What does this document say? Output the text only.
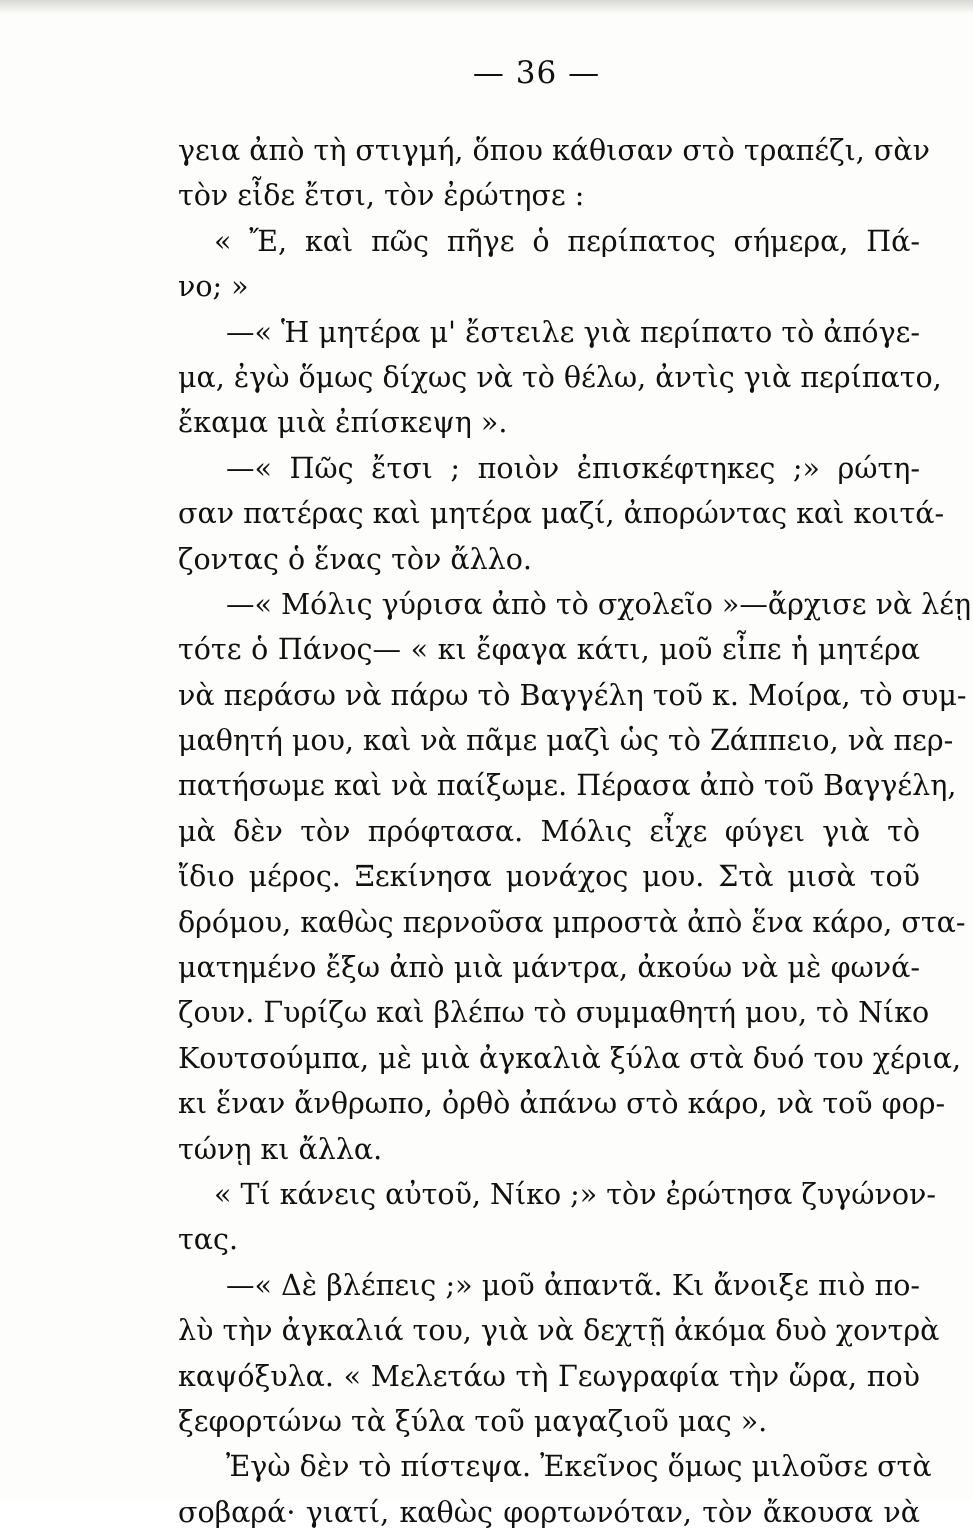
— 36 —
γεια ἀπὸ τὴ στιγμή, ὅπου κάθισαν στὸ τραπέζι, σὰν
τὸν εἶδε ἔτσι, τὸν ἐρώτησε :
« Ἔ, καὶ πῶς πῆγε ὁ περίπατος σήμερα, Πά-
νο; »
—« Ἡ μητέρα μ' ἔστειλε γιὰ περίπατο τὸ ἀπόγε-
μα, ἐγὼ ὅμως δίχως νὰ τὸ θέλω, ἀντὶς γιὰ περίπατο,
ἔκαμα μιὰ ἐπίσκεψη ».
—« Πῶς ἔτσι ; ποιὸν ἐπισκέφτηκες ;» ρώτη-
σαν πατέρας καὶ μητέρα μαζί, ἀπορώντας καὶ κοιτά-
ζοντας ὁ ἕνας τὸν ἄλλο.
—« Μόλις γύρισα ἀπὸ τὸ σχολεῖο »—ἄρχισε νὰ λέῃ
τότε ὁ Πάνος— « κι ἔφαγα κάτι, μοῦ εἶπε ἡ μητέρα
νὰ περάσω νὰ πάρω τὸ Βαγγέλη τοῦ κ. Μοίρα, τὸ συμ-
μαθητή μου, καὶ νὰ πᾶμε μαζὶ ὡς τὸ Ζάππειο, νὰ περ-
πατήσωμε καὶ νὰ παίξωμε. Πέρασα ἀπὸ τοῦ Βαγγέλη,
μὰ δὲν τὸν πρόφτασα. Μόλις εἶχε φύγει γιὰ τὸ
ἴδιο μέρος. Ξεκίνησα μονάχος μου. Στὰ μισὰ τοῦ
δρόμου, καθὼς περνοῦσα μπροστὰ ἀπὸ ἕνα κάρο, στα-
ματημένο ἔξω ἀπὸ μιὰ μάντρα, ἀκούω νὰ μὲ φωνά-
ζουν. Γυρίζω καὶ βλέπω τὸ συμμαθητή μου, τὸ Νίκο
Κουτσούμπα, μὲ μιὰ ἀγκαλιὰ ξύλα στὰ δυό του χέρια,
κι ἕναν ἄνθρωπο, ὀρθὸ ἀπάνω στὸ κάρο, νὰ τοῦ φορ-
τώνῃ κι ἄλλα.
« Τί κάνεις αὐτοῦ, Νίκο ;» τὸν ἐρώτησα ζυγώνον-
τας.
—« Δὲ βλέπεις ;» μοῦ ἀπαντᾶ. Κι ἄνοιξε πιὸ πο-
λὺ τὴν ἀγκαλιά του, γιὰ νὰ δεχτῇ ἀκόμα δυὸ χοντρὰ
καψόξυλα. « Μελετάω τὴ Γεωγραφία τὴν ὥρα, ποὺ
ξεφορτώνω τὰ ξύλα τοῦ μαγαζιοῦ μας ».
Ἐγὼ δὲν τὸ πίστεψα. Ἐκεῖνος ὅμως μιλοῦσε στὰ
σοβαρά· γιατί, καθὼς φορτωνόταν, τὸν ἄκουσα νὰ
